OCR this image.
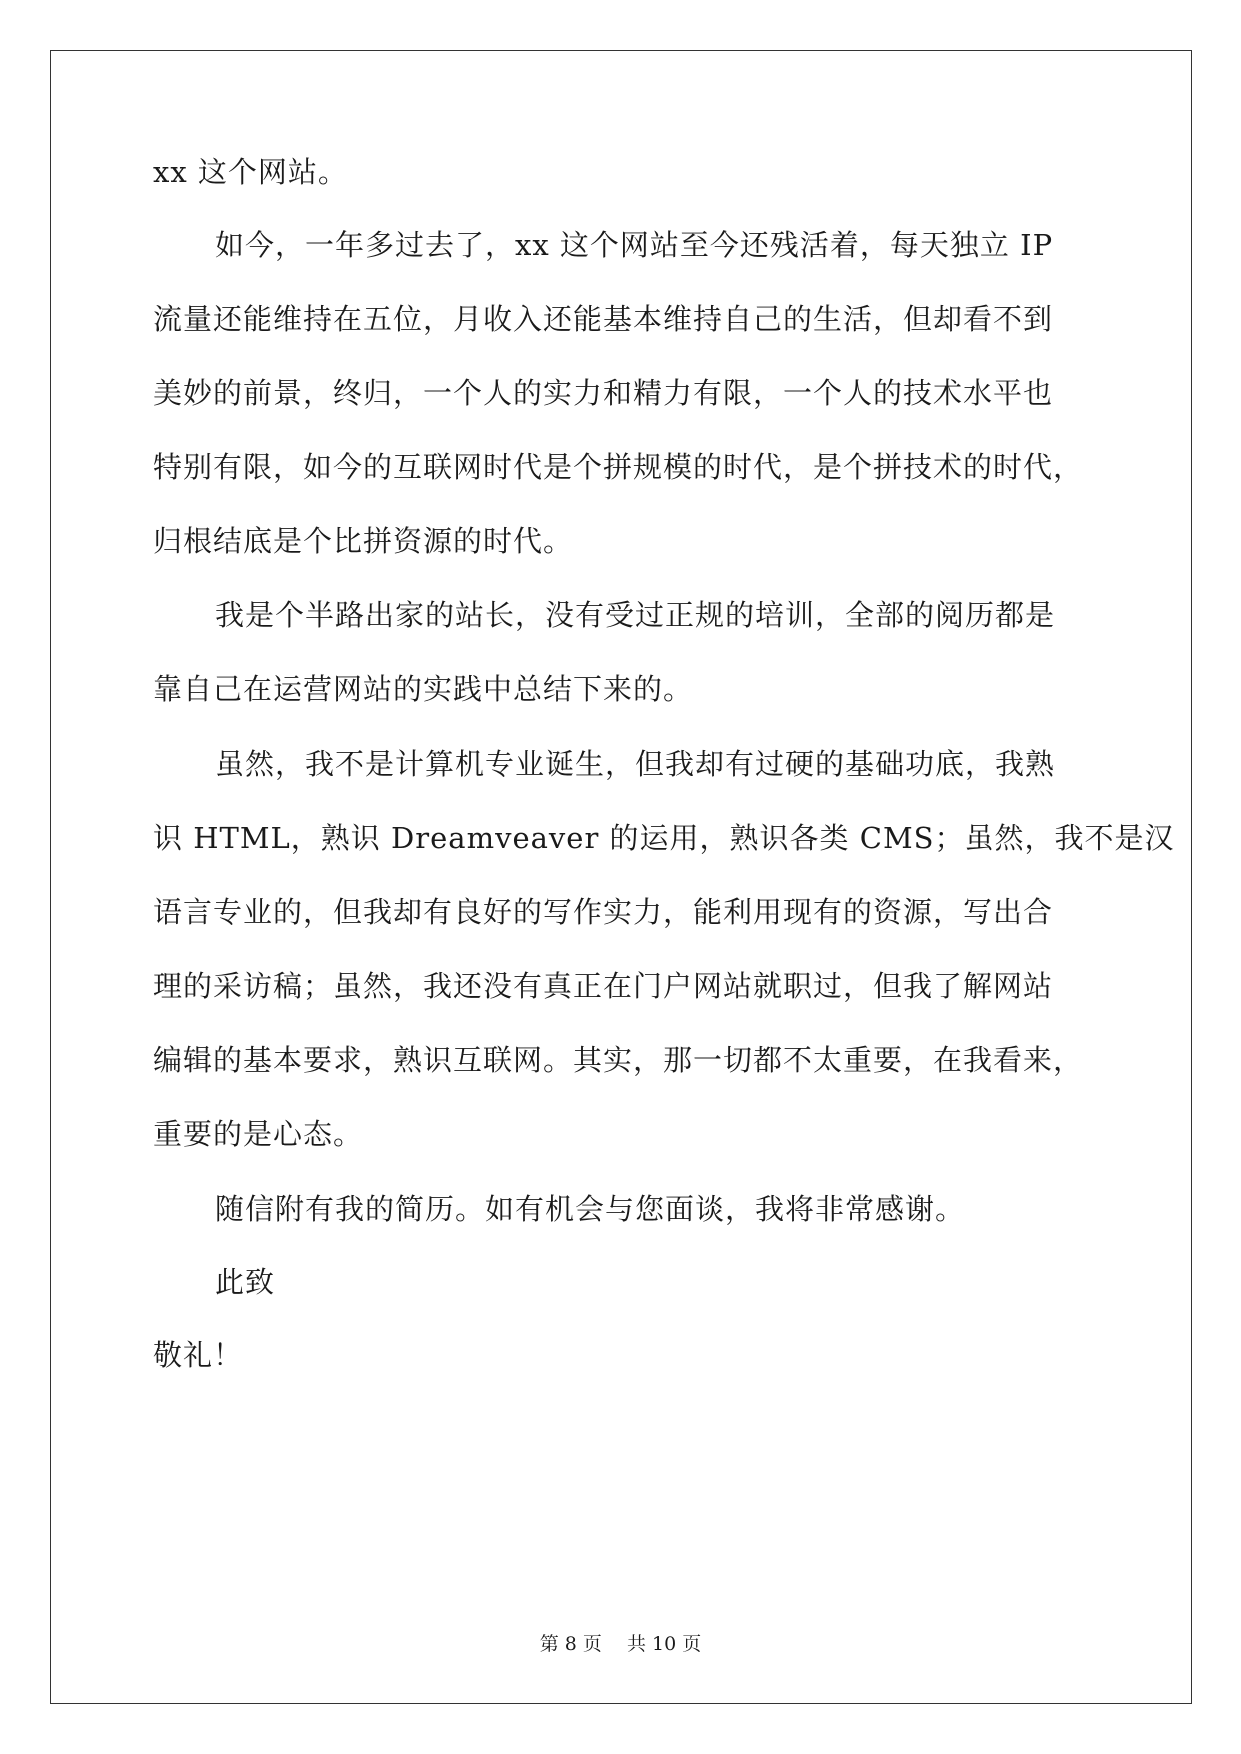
xx 这个网站。
如今，一年多过去了，xx 这个网站至今还残活着，每天独立 IP
流量还能维持在五位，月收入还能基本维持自己的生活，但却看不到
美妙的前景，终归，一个人的实力和精力有限，一个人的技术水平也
特别有限，如今的互联网时代是个拼规模的时代，是个拼技术的时代，
归根结底是个比拼资源的时代。
我是个半路出家的站长，没有受过正规的培训，全部的阅历都是
靠自己在运营网站的实践中总结下来的。
虽然，我不是计算机专业诞生，但我却有过硬的基础功底，我熟
识 HTML，熟识 Dreamveaver 的运用，熟识各类 CMS；虽然，我不是汉
语言专业的，但我却有良好的写作实力，能利用现有的资源，写出合
理的采访稿；虽然，我还没有真正在门户网站就职过，但我了解网站
编辑的基本要求，熟识互联网。其实，那一切都不太重要，在我看来，
重要的是心态。
随信附有我的简历。如有机会与您面谈，我将非常感谢。
此致
敬礼！
第 8 页　 共 10 页
